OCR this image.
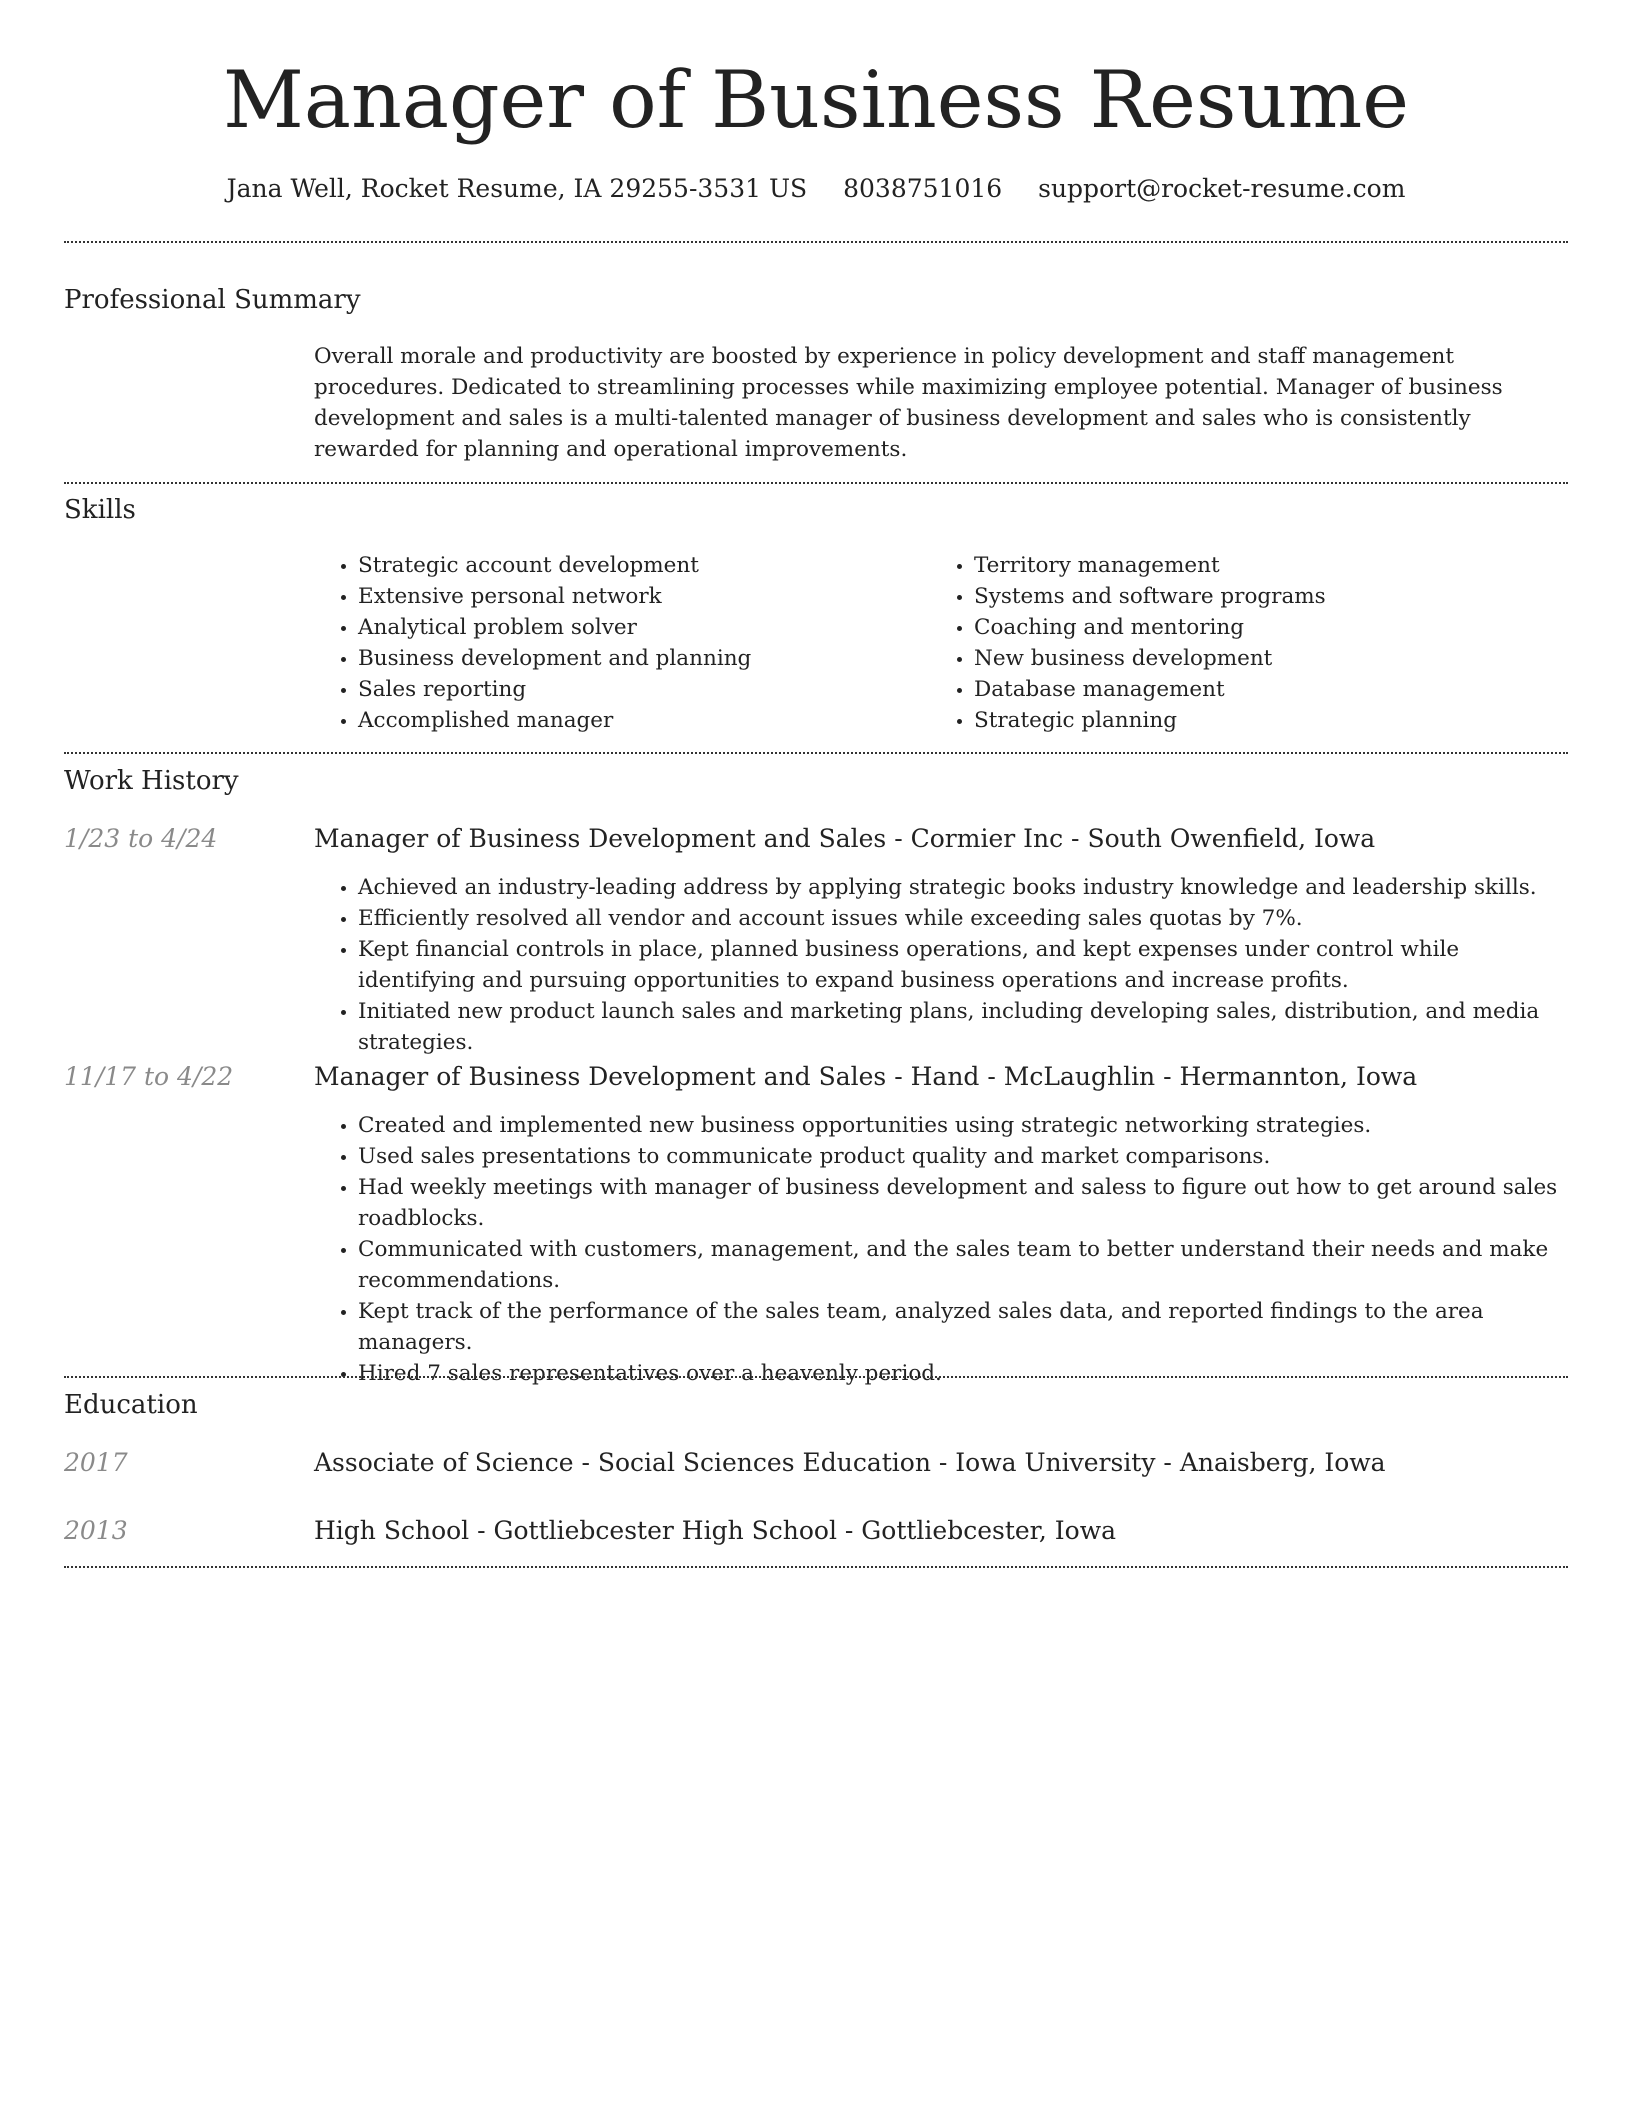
Manager of Business Resume
Jana Well, Rocket Resume, IA 29255-3531 US 8038751016 support@rocket-resume.com
Professional Summary

Overall morale and productivity are boosted by experience in policy development and staff management procedures. Dedicated to streamlining processes while maximizing employee potential. Manager of business development and sales is a multi-talented manager of business development and sales who is consistently rewarded for planning and operational improvements.

Skills
• Strategic account development
• Extensive personal network
• Analytical problem solver
• Business development and planning
• Sales reporting
• Accomplished manager
• Territory management
• Systems and software programs
• Coaching and mentoring
• New business development
• Database management
• Strategic planning
Work History
1/23 to 4/24	Manager of Business Development and Sales - Cormier Inc - South Owenfield, Iowa
• Achieved an industry-leading address by applying strategic books industry knowledge and leadership skills.
• Efficiently resolved all vendor and account issues while exceeding sales quotas by 7%.
• Kept financial controls in place, planned business operations, and kept expenses under control while identifying and pursuing opportunities to expand business operations and increase profits.
• Initiated new product launch sales and marketing plans, including developing sales, distribution, and media strategies.
11/17 to 4/22	Manager of Business Development and Sales - Hand - McLaughlin - Hermannton, Iowa
• Created and implemented new business opportunities using strategic networking strategies.
• Used sales presentations to communicate product quality and market comparisons.
• Had weekly meetings with manager of business development and saless to figure out how to get around sales roadblocks.
• Communicated with customers, management, and the sales team to better understand their needs and make recommendations.
• Kept track of the performance of the sales team, analyzed sales data, and reported findings to the area managers.
• Hired 7 sales representatives over a heavenly period.
Education
2017	Associate of Science - Social Sciences Education - Iowa University - Anaisberg, Iowa
2013	High School - Gottliebcester High School - Gottliebcester, Iowa
